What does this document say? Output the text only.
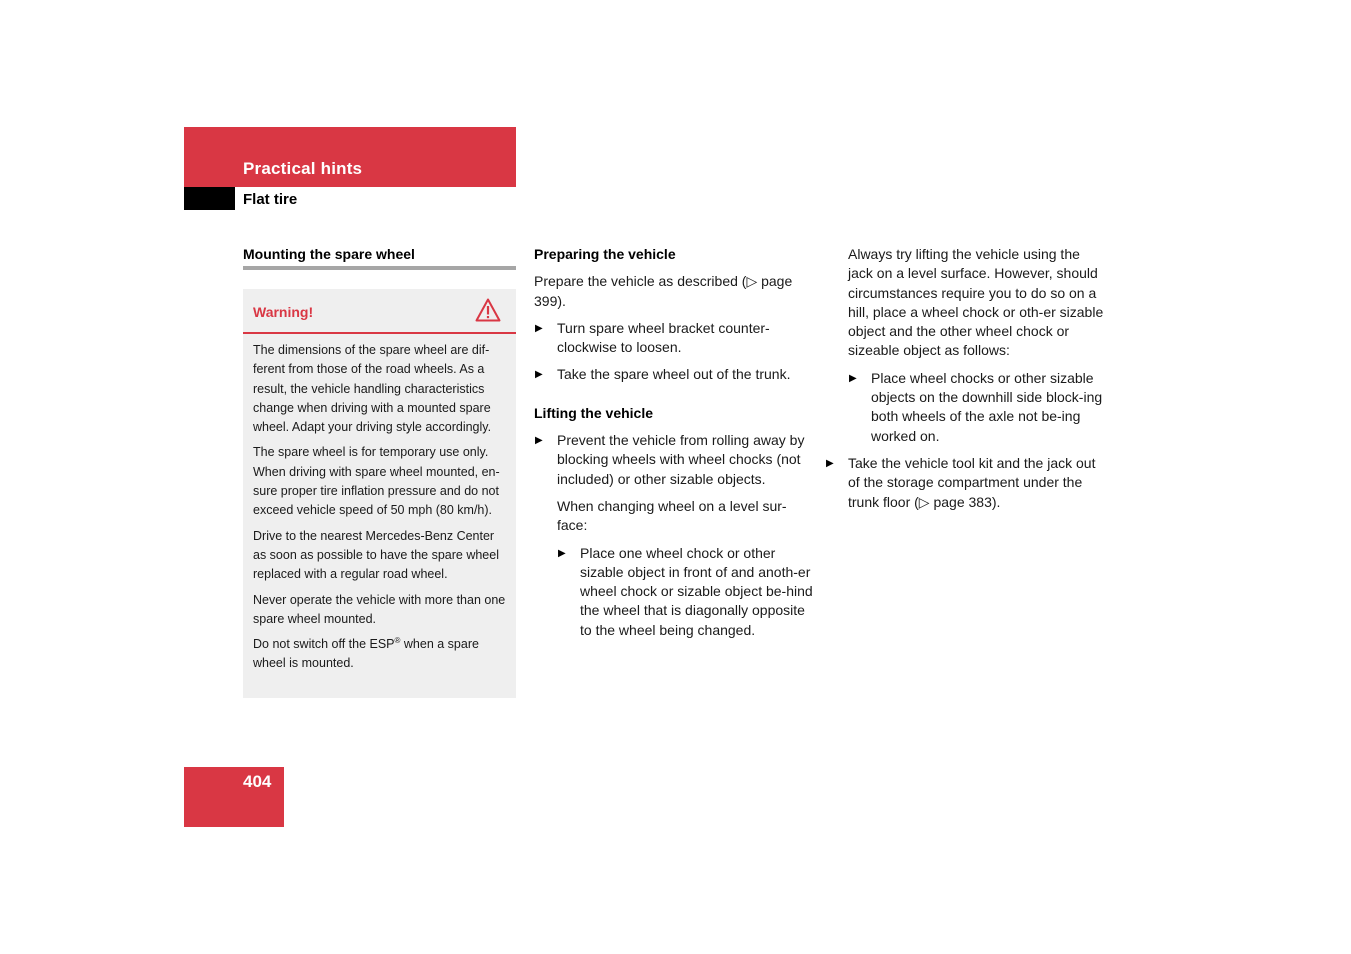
Practical hints
Flat tire
Mounting the spare wheel
Warning!

The dimensions of the spare wheel are dif-ferent from those of the road wheels. As a result, the vehicle handling characteristics change when driving with a mounted spare wheel. Adapt your driving style accordingly.

The spare wheel is for temporary use only. When driving with spare wheel mounted, en-sure proper tire inflation pressure and do not exceed vehicle speed of 50 mph (80 km/h).

Drive to the nearest Mercedes-Benz Center as soon as possible to have the spare wheel replaced with a regular road wheel.

Never operate the vehicle with more than one spare wheel mounted.

Do not switch off the ESP® when a spare wheel is mounted.

Preparing the vehicle

Prepare the vehicle as described (▷ page 399).

▶ Turn spare wheel bracket counter-clockwise to loosen.
▶ Take the spare wheel out of the trunk.

Lifting the vehicle

▶ Prevent the vehicle from rolling away by blocking wheels with wheel chocks (not included) or other sizable objects.

When changing wheel on a level sur-face:

▶ Place one wheel chock or other sizable object in front of and anoth-er wheel chock or sizable object be-hind the wheel that is diagonally opposite to the wheel being changed.

Always try lifting the vehicle using the jack on a level surface. However, should circumstances require you to do so on a hill, place a wheel chock or oth-er sizable object and the other wheel chock or sizeable object as follows:

▶ Place wheel chocks or other sizable objects on the downhill side block-ing both wheels of the axle not be-ing worked on.
▶ Take the vehicle tool kit and the jack out of the storage compartment under the trunk floor (▷ page 383).
404
